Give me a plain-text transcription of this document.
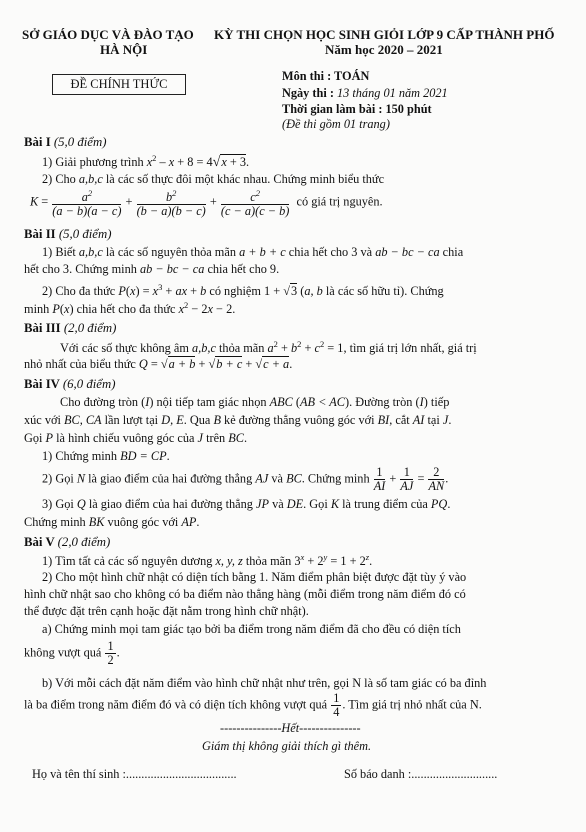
SỞ GIÁO DỤC VÀ ĐÀO TẠO
HÀ NỘI
KỲ THI CHỌN HỌC SINH GIỎI LỚP 9 CẤP THÀNH PHỐ
Năm học 2020 – 2021
ĐỀ CHÍNH THỨC
Môn thi : TOÁN
Ngày thi : 13 tháng 01 năm 2021
Thời gian làm bài : 150 phút
(Đề thi gồm 01 trang)
Bài I (5,0 điểm)
1) Giải phương trình $x^2 - x + 8 = 4√x + 3$.
2) Cho a,b,c là các số thực đôi một khác nhau. Chứng minh biểu thức
$K = \frac{a^2}{(a - b)(a - c)} + \frac{b^2}{(b - a)(b - c)} + \frac{c^2}{(c - a)(c - b)}$ có giá trị nguyên.
Bài II (5,0 điểm)
1) Biết a,b,c là các số nguyên thỏa mãn a + b + c chia hết cho 3 và ab − bc − ca chia
hết cho 3. Chứng minh ab − bc − ca chia hết cho 9.
2) Cho đa thức $P(x) = x^3$ + ax + b có nghiệm 1 + √3 (a, b là các số hữu tỉ). Chứng
minh P(x) chia hết cho đa thức $x^2 - 2x - 2$.
Bài III (2,0 điểm)
Với các số thực không âm a,b,c thỏa mãn $a^2 + b^2 + c^2 = 1$, tìm giá trị lớn nhất, giá trị
nhỏ nhất của biểu thức Q = √a + b + √b + c + √c + a.
Bài IV (6,0 điểm)
Cho đường tròn (I) nội tiếp tam giác nhọn ABC (AB < AC). Đường tròn (I) tiếp
xúc với BC, CA lần lượt tại D, E. Qua B kẻ đường thẳng vuông góc với BI, cắt AI tại J.
Gọi P là hình chiếu vuông góc của J trên BC.
1) Chứng minh BD = CP.
2) Gọi N là giao điểm của hai đường thẳng AJ và BC. Chứng minh $\frac{1}{AI} + \frac{1}{AJ} = \frac{2}{AN}$ .
3) Gọi Q là giao điểm của hai đường thẳng JP và DE. Gọi K là trung điểm của PQ.
Chứng minh BK vuông góc với AP.
Bài V (2,0 điểm)
1) Tìm tất cả các số nguyên dương x, y, z thỏa mãn $3^x + 2^y = 1 + 2^z$.
2) Cho một hình chữ nhật có diện tích bằng 1. Năm điểm phân biệt được đặt tùy ý vào
hình chữ nhật sao cho không có ba điểm nào thẳng hàng (mỗi điểm trong năm điểm đó có
thể được đặt trên cạnh hoặc đặt nằm trong hình chữ nhật).
a) Chứng minh mọi tam giác tạo bởi ba điểm trong năm điểm đã cho đều có diện tích
không vượt quá $\frac{1}{2}$ .
b) Với mỗi cách đặt năm điểm vào hình chữ nhật như trên, gọi N là số tam giác có ba đỉnh
là ba điểm trong năm điểm đó và có diện tích không vượt quá $\frac{1}{4}$ . Tìm giá trị nhỏ nhất của N.
---------------Hết---------------
Giám thị không giải thích gì thêm.
Họ và tên thí sinh :....................................	Số báo danh :............................
